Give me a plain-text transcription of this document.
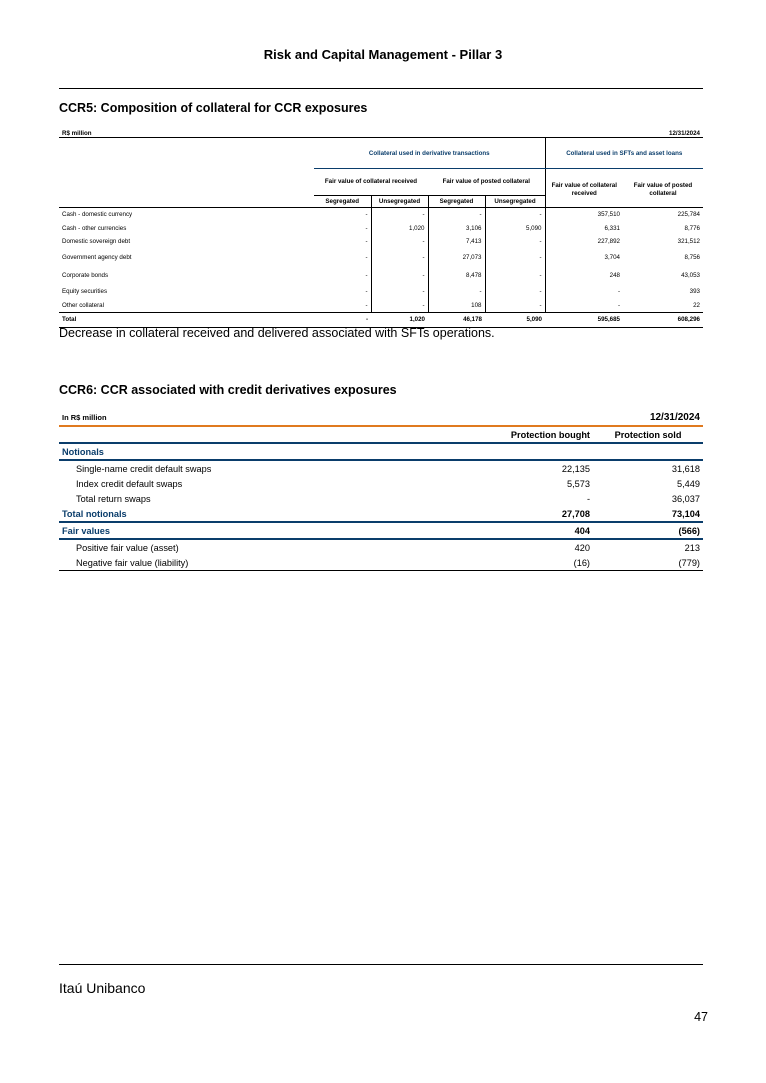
Risk and Capital Management - Pillar 3
CCR5: Composition of collateral for CCR exposures
R$ million						12/31/2024
	Collateral used in derivative transactions				Collateral used in SFTs and asset loans	
	Fair value of collateral received		Fair value of posted collateral		Fair value of collateral received	Fair value of posted collateral
	Segregated	Unsegregated	Segregated	Unsegregated		
Cash - domestic currency	-	-	-	-	357,510	225,784
Cash - other currencies	-	1,020	3,106	5,090	6,331	8,776
Domestic sovereign debt	-	-	7,413	-	227,892	321,512
Government agency debt	-	-	27,073	-	3,704	8,756
Corporate bonds	-	-	8,478	-	248	43,053
Equity securities	-	-	-	-	-	393
Other collateral	-	-	108	-	-	22
Total	-	1,020	46,178	5,090	595,685	608,296
Decrease in collateral received and delivered associated with SFTs operations.
CCR6: CCR associated with credit derivatives exposures
In R$ million		12/31/2024
	Protection bought	Protection sold
Notionals		
Single-name credit default swaps	22,135	31,618
Index credit default swaps	5,573	5,449
Total return swaps	-	36,037
Total notionals	27,708	73,104
Fair values	404	(566)
Positive fair value (asset)	420	213
Negative fair value (liability)	(16)	(779)
Itaú Unibanco
47
